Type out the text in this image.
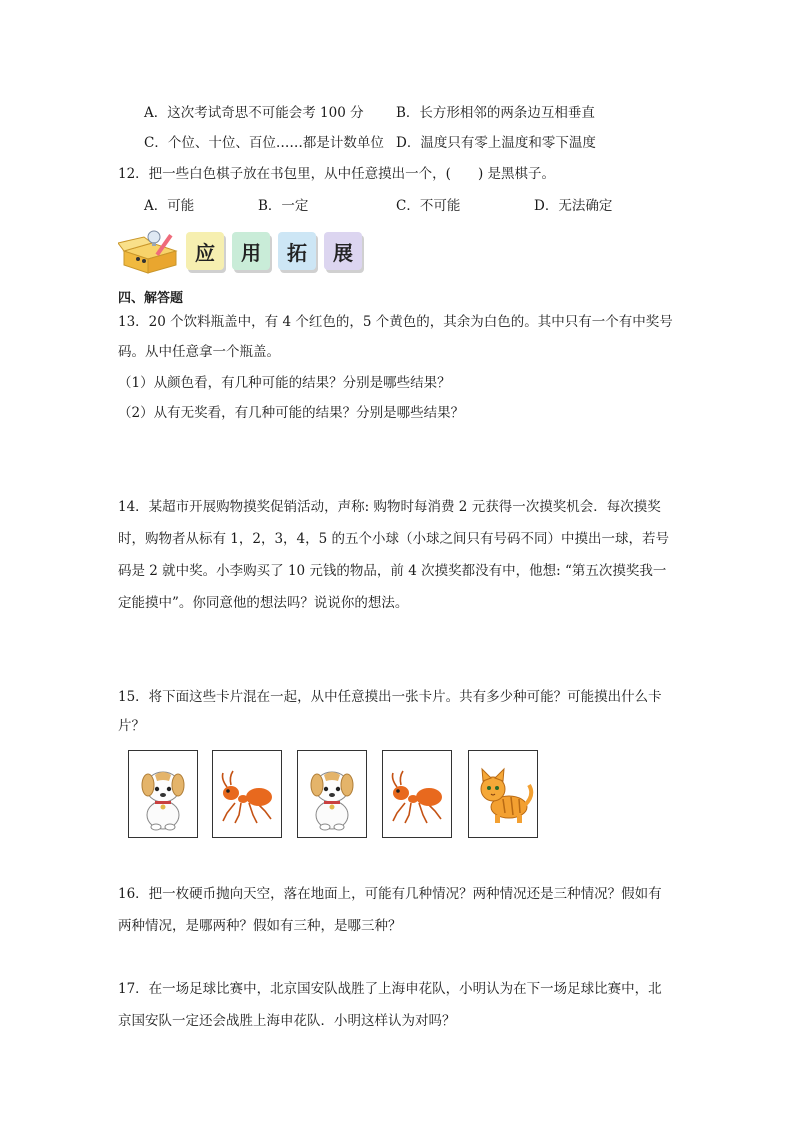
A．这次考试奇思不可能会考 100 分 B．长方形相邻的两条边互相垂直
C．个位、十位、百位……都是计数单位 D．温度只有零上温度和零下温度
12．把一些白色棋子放在书包里，从中任意摸出一个，(　　) 是黑棋子。
A．可能	B．一定	C．不可能	D．无法确定
应	用	拓	展
四、解答题
13．20 个饮料瓶盖中，有 4 个红色的，5 个黄色的，其余为白色的。其中只有一个有中奖号
码。从中任意拿一个瓶盖。
（1）从颜色看，有几种可能的结果？分别是哪些结果？
（2）从有无奖看，有几种可能的结果？分别是哪些结果？
14．某超市开展购物摸奖促销活动，声称: 购物时每消费 2 元获得一次摸奖机会．每次摸奖
时，购物者从标有 1，2，3，4，5 的五个小球（小球之间只有号码不同）中摸出一球，若号
码是 2 就中奖。小李购买了 10 元钱的物品，前 4 次摸奖都没有中，他想: “第五次摸奖我一
定能摸中”。你同意他的想法吗？说说你的想法。
15．将下面这些卡片混在一起，从中任意摸出一张卡片。共有多少种可能？可能摸出什么卡
片？
16．把一枚硬币抛向天空，落在地面上，可能有几种情况？两种情况还是三种情况？假如有
两种情况，是哪两种？假如有三种，是哪三种？
17．在一场足球比赛中，北京国安队战胜了上海申花队，小明认为在下一场足球比赛中，北
京国安队一定还会战胜上海申花队．小明这样认为对吗？
